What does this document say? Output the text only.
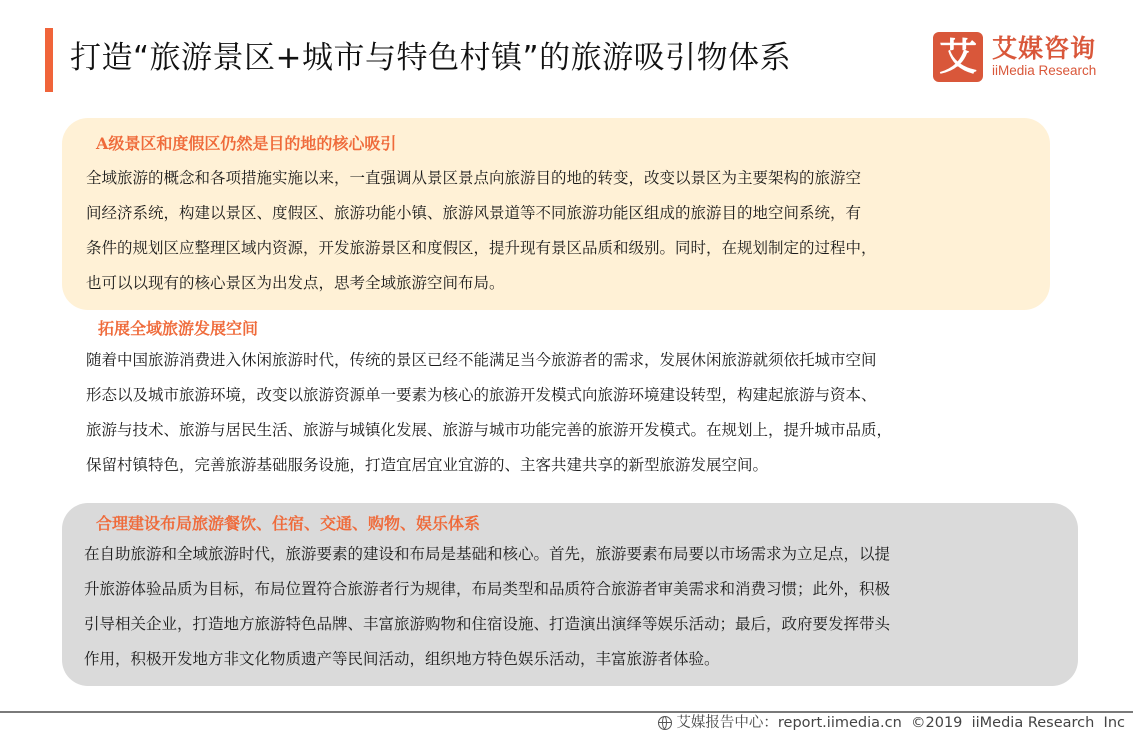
打造“旅游景区+城市与特色村镇”的旅游吸引物体系	艾 艾媒咨询
iiMedia Research
A级景区和度假区仍然是目的地的核心吸引

全域旅游的概念和各项措施实施以来，一直强调从景区景点向旅游目的地的转变，改变以景区为主要架构的旅游空

间经济系统，构建以景区、度假区、旅游功能小镇、旅游风景道等不同旅游功能区组成的旅游目的地空间系统，有

条件的规划区应整理区域内资源，开发旅游景区和度假区，提升现有景区品质和级别。同时，在规划制定的过程中，

也可以以现有的核心景区为出发点，思考全域旅游空间布局。

拓展全域旅游发展空间

随着中国旅游消费进入休闲旅游时代，传统的景区已经不能满足当今旅游者的需求，发展休闲旅游就须依托城市空间

形态以及城市旅游环境，改变以旅游资源单一要素为核心的旅游开发模式向旅游环境建设转型，构建起旅游与资本、

旅游与技术、旅游与居民生活、旅游与城镇化发展、旅游与城市功能完善的旅游开发模式。在规划上，提升城市品质，

保留村镇特色，完善旅游基础服务设施，打造宜居宜业宜游的、主客共建共享的新型旅游发展空间。

合理建设布局旅游餐饮、住宿、交通、购物、娱乐体系

在自助旅游和全域旅游时代，旅游要素的建设和布局是基础和核心。首先，旅游要素布局要以市场需求为立足点，以提

升旅游体验品质为目标，布局位置符合旅游者行为规律，布局类型和品质符合旅游者审美需求和消费习惯；此外，积极

引导相关企业，打造地方旅游特色品牌、丰富旅游购物和住宿设施、打造演出演绎等娱乐活动；最后，政府要发挥带头

作用，积极开发地方非文化物质遗产等民间活动，组织地方特色娱乐活动，丰富旅游者体验。

艾媒报告中心：report.iimedia.cn  ©2019  iiMedia Research  Inc
